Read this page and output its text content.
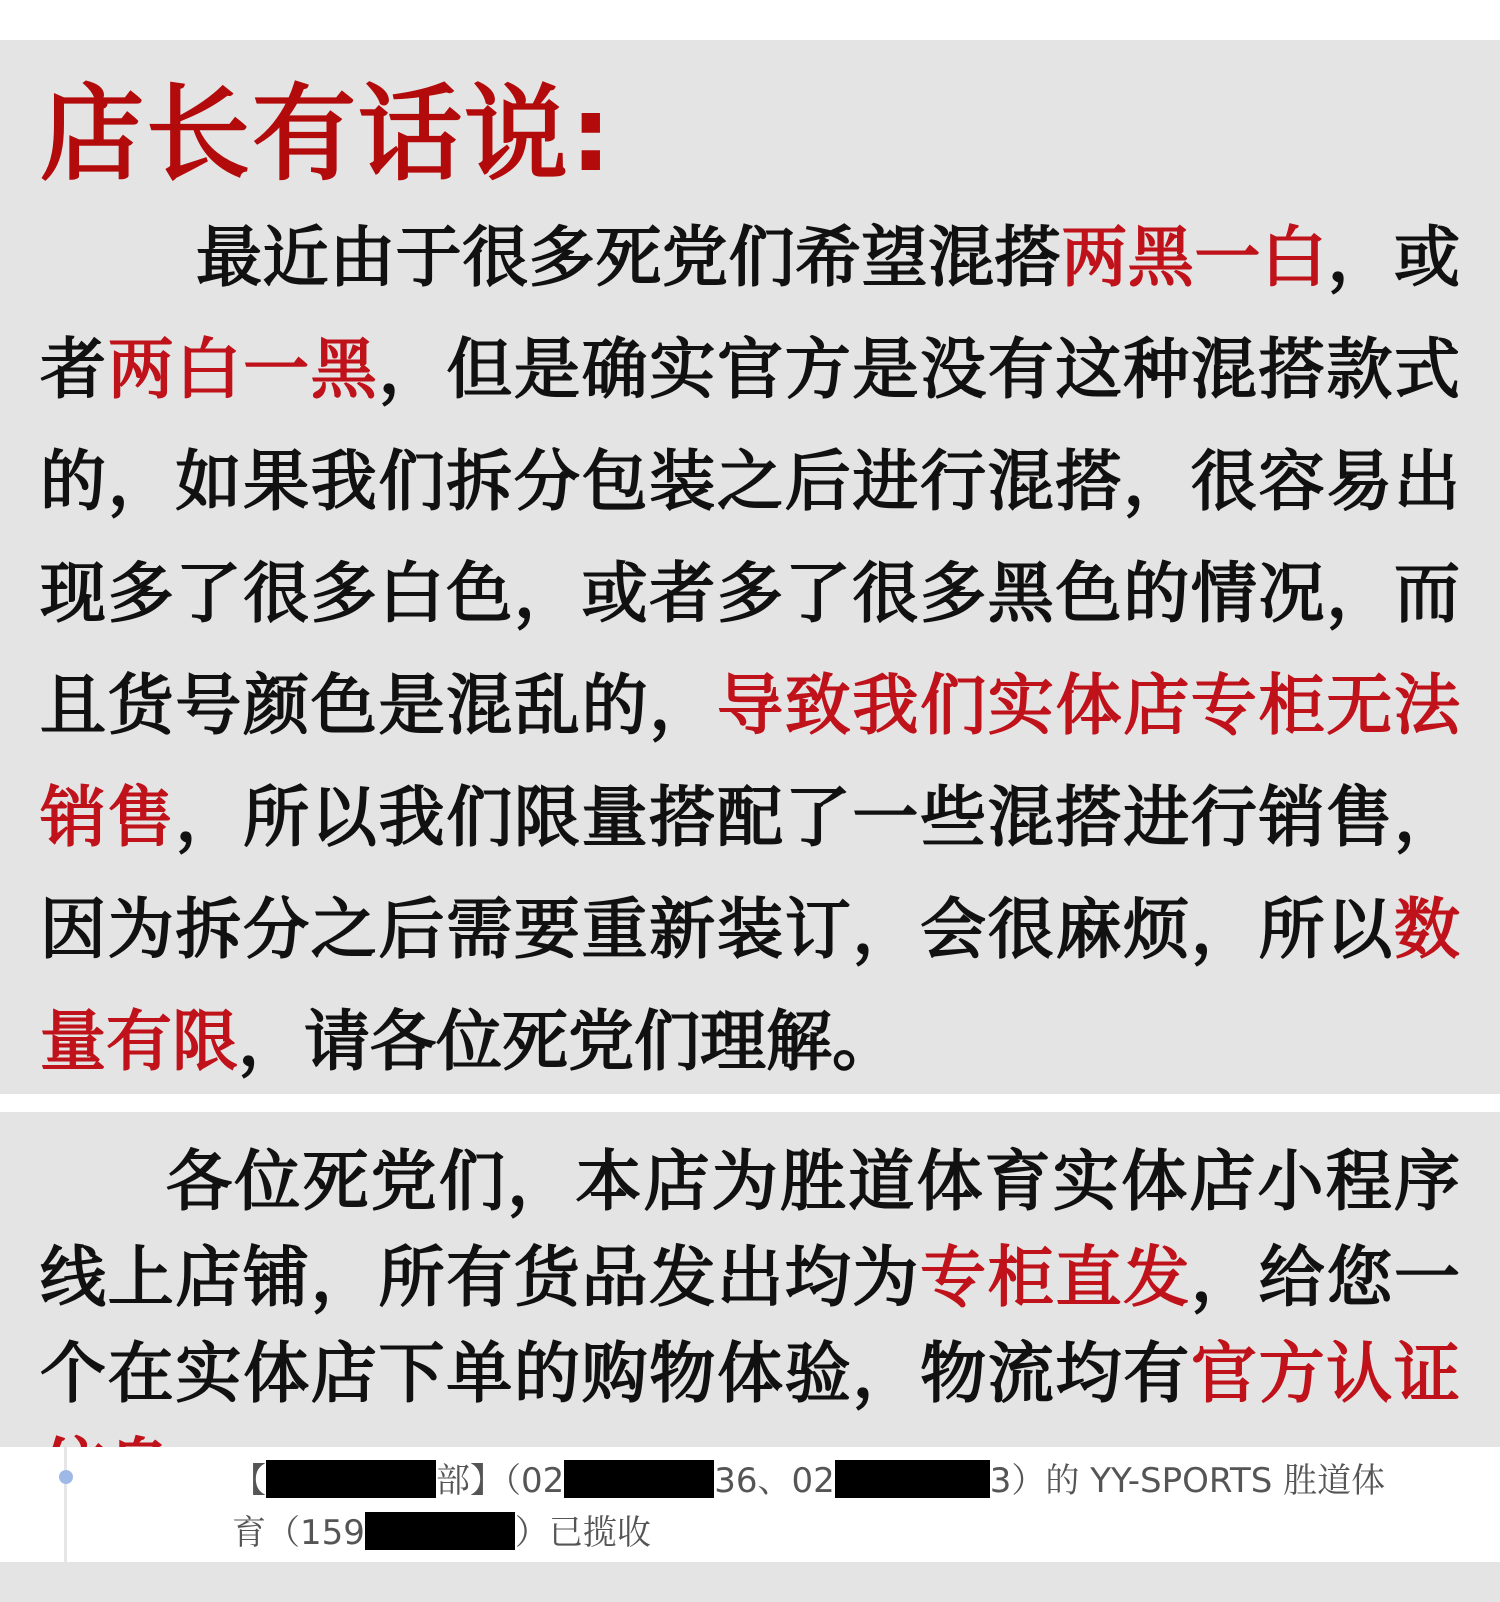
店长有话说:

最近由于很多死党们希望混搭两黑一白，或者两白一黑，但是确实官方是没有这种混搭款式的，如果我们拆分包装之后进行混搭，很容易出现多了很多白色，或者多了很多黑色的情况，而且货号颜色是混乱的，导致我们实体店专柜无法销售，所以我们限量搭配了一些混搭进行销售，因为拆分之后需要重新装订，会很麻烦，所以数量有限，请各位死党们理解。

各位死党们，本店为胜道体育实体店小程序线上店铺，所有货品发出均为专柜直发，给您一个在实体店下单的购物体验，物流均有官方认证

【	部】（02	36、02	3）的 YY-SPORTS 胜道体育（159	）已揽收
